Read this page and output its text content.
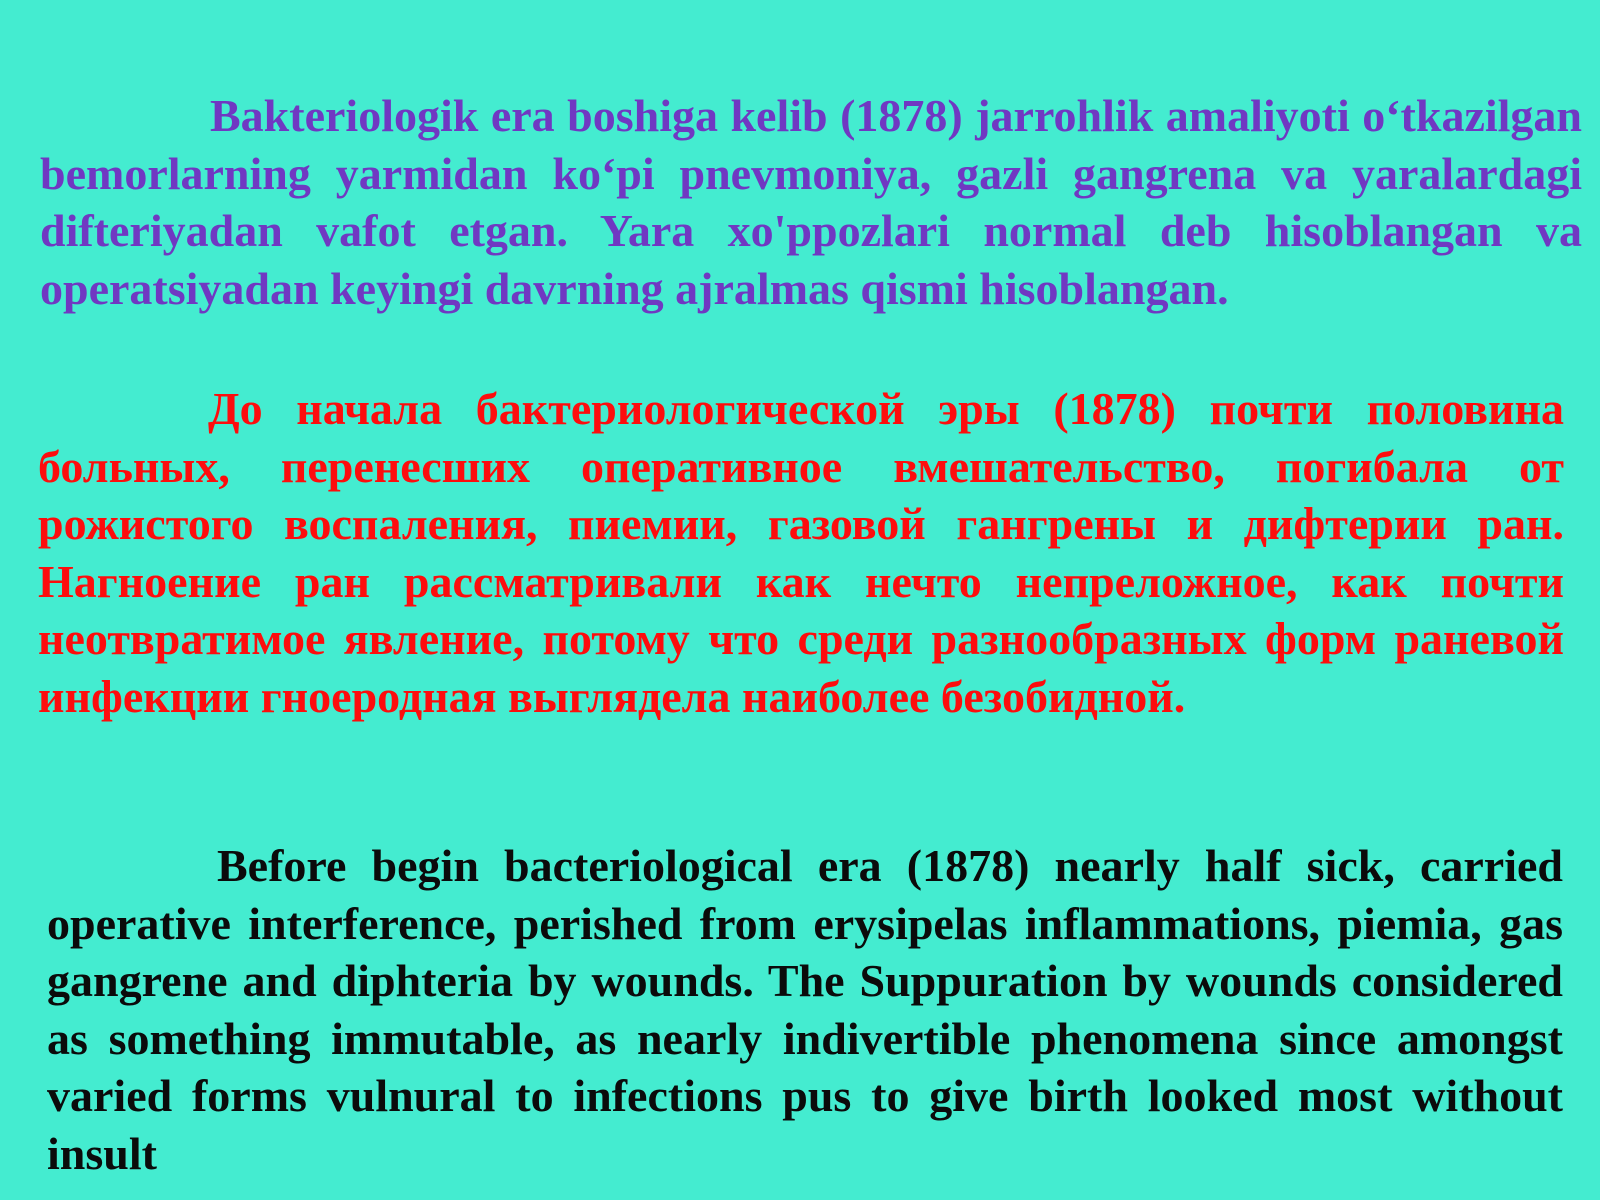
Bakteriologik era boshiga kelib (1878) jarrohlik amaliyoti o‘tkazilgan bemorlarning yarmidan ko‘pi pnevmoniya, gazli gangrena va yaralardagi difteriyadan vafot etgan. Yara xo'ppozlari normal deb hisoblangan va operatsiyadan keyingi davrning ajralmas qismi hisoblangan.

До начала бактериологической эры (1878) почти половина больных, перенесших оперативное вмешательство, погибала от рожистого воспаления, пиемии, газовой гангрены и дифтерии ран. Нагноение ран рассматривали как нечто непреложное, как почти неотвратимое явление, потому что среди разнообразных форм раневой инфекции гноеродная выглядела наиболее безобидной.

Before begin bacteriological era (1878) nearly half sick, carried operative interference, perished from erysipelas inflammations, piemia, gas gangrene and diphteria by wounds. The Suppuration by wounds considered as something immutable, as nearly indivertible phenomena since amongst varied forms vulnural to infections pus to give birth looked most without insult
